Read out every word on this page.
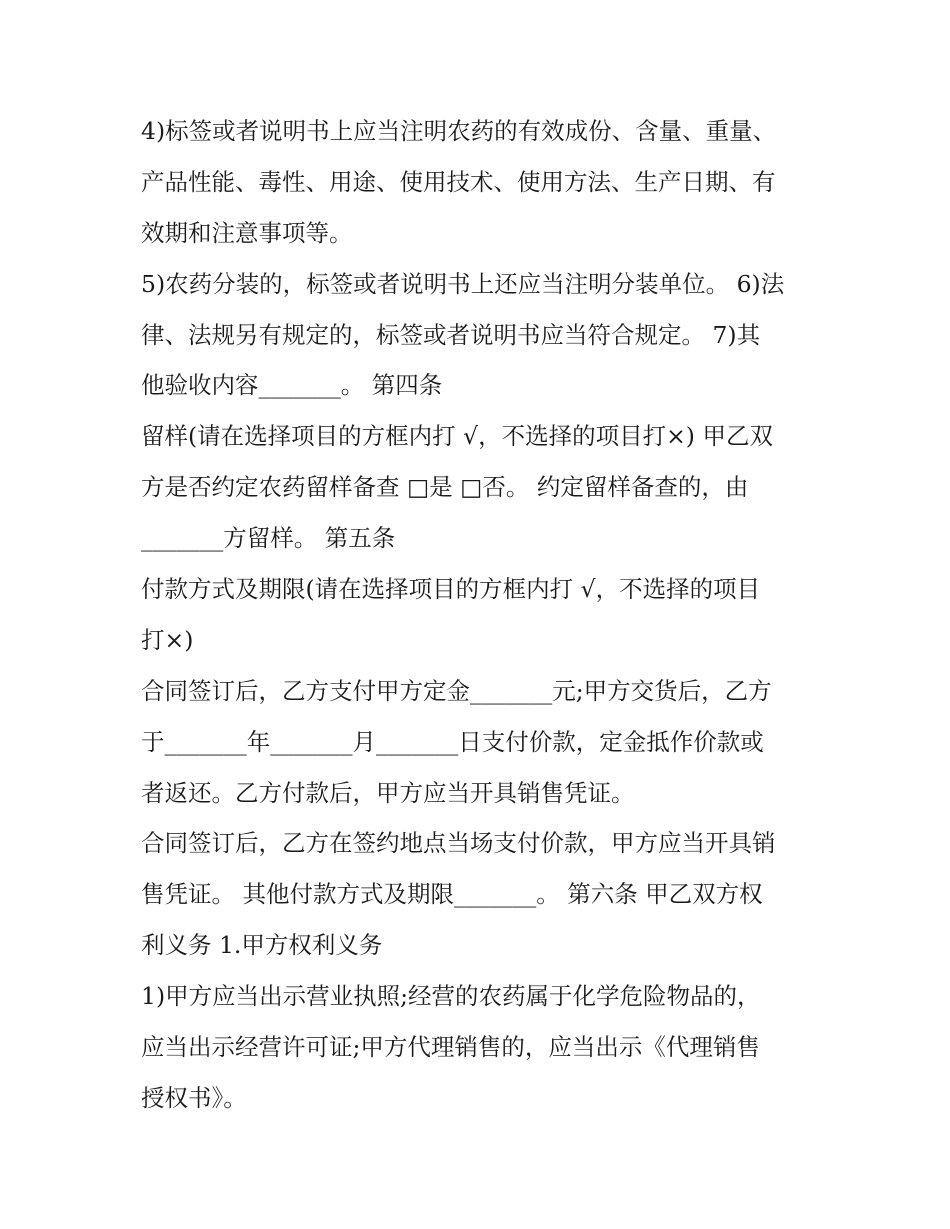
4)标签或者说明书上应当注明农药的有效成份、含量、重量、
产品性能、毒性、用途、使用技术、使用方法、生产日期、有
效期和注意事项等。
5)农药分装的，标签或者说明书上还应当注明分装单位。 6)法
律、法规另有规定的，标签或者说明书应当符合规定。 7)其
他验收内容_______。 第四条
留样(请在选择项目的方框内打 √，不选择的项目打×) 甲乙双
方是否约定农药留样备查 □是 □否。 约定留样备查的，由
_______方留样。 第五条
付款方式及期限(请在选择项目的方框内打 √，不选择的项目
打×)
合同签订后，乙方支付甲方定金_______元;甲方交货后，乙方
于_______年_______月_______日支付价款，定金抵作价款或
者返还。乙方付款后，甲方应当开具销售凭证。
合同签订后，乙方在签约地点当场支付价款，甲方应当开具销
售凭证。 其他付款方式及期限_______。 第六条 甲乙双方权
利义务 1.甲方权利义务
1)甲方应当出示营业执照;经营的农药属于化学危险物品的，
应当出示经营许可证;甲方代理销售的，应当出示《代理销售
授权书》。
